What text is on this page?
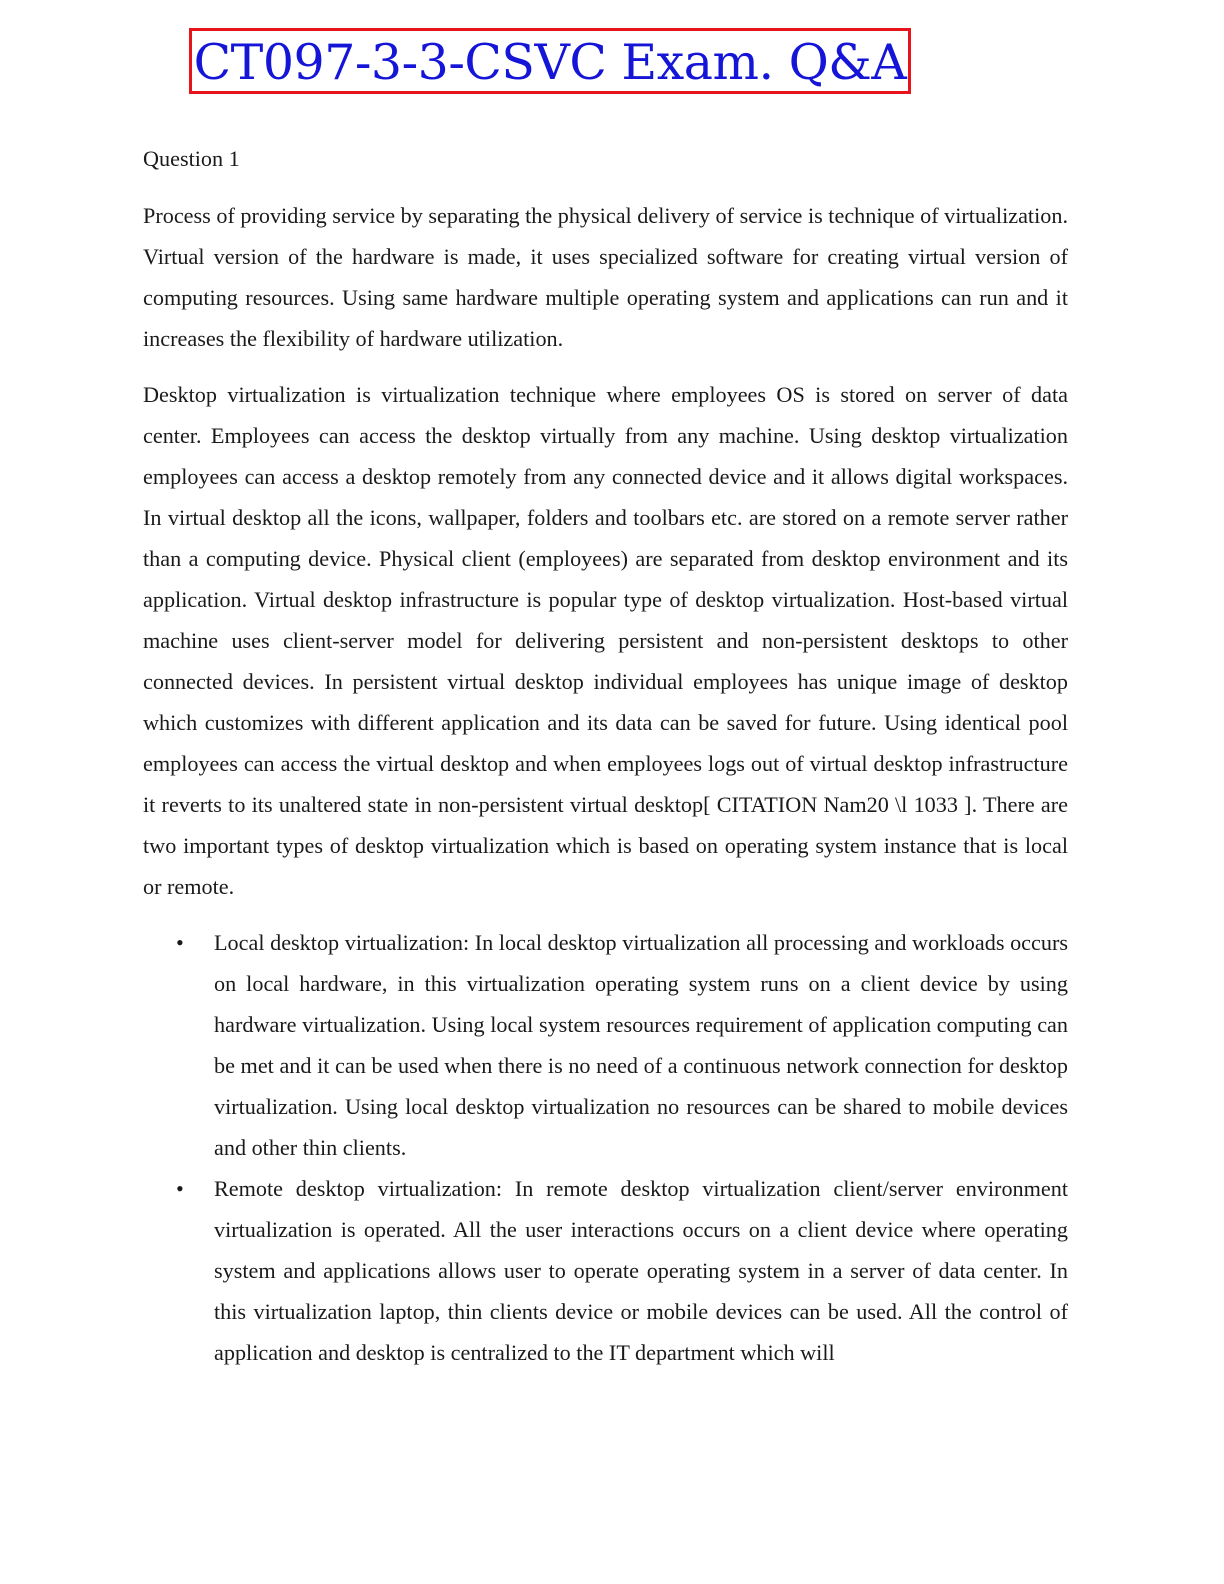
CT097-3-3-CSVC Exam. Q&A

Question 1

Process of providing service by separating the physical delivery of service is technique of virtualization. Virtual version of the hardware is made, it uses specialized software for creating virtual version of computing resources. Using same hardware multiple operating system and applications can run and it increases the flexibility of hardware utilization.

Desktop virtualization is virtualization technique where employees OS is stored on server of data center. Employees can access the desktop virtually from any machine. Using desktop virtualization employees can access a desktop remotely from any connected device and it allows digital workspaces. In virtual desktop all the icons, wallpaper, folders and toolbars etc. are stored on a remote server rather than a computing device. Physical client (employees) are separated from desktop environment and its application. Virtual desktop infrastructure is popular type of desktop virtualization. Host-based virtual machine uses client-server model for delivering persistent and non-persistent desktops to other connected devices. In persistent virtual desktop individual employees has unique image of desktop which customizes with different application and its data can be saved for future. Using identical pool employees can access the virtual desktop and when employees logs out of virtual desktop infrastructure it reverts to its unaltered state in non-persistent virtual desktop[ CITATION Nam20 \l 1033 ]. There are two important types of desktop virtualization which is based on operating system instance that is local or remote.

• Local desktop virtualization: In local desktop virtualization all processing and workloads occurs on local hardware, in this virtualization operating system runs on a client device by using hardware virtualization. Using local system resources requirement of application computing can be met and it can be used when there is no need of a continuous network connection for desktop virtualization. Using local desktop virtualization no resources can be shared to mobile devices and other thin clients.
• Remote desktop virtualization: In remote desktop virtualization client/server environment virtualization is operated. All the user interactions occurs on a client device where operating system and applications allows user to operate operating system in a server of data center. In this virtualization laptop, thin clients device or mobile devices can be used. All the control of application and desktop is centralized to the IT department which will
